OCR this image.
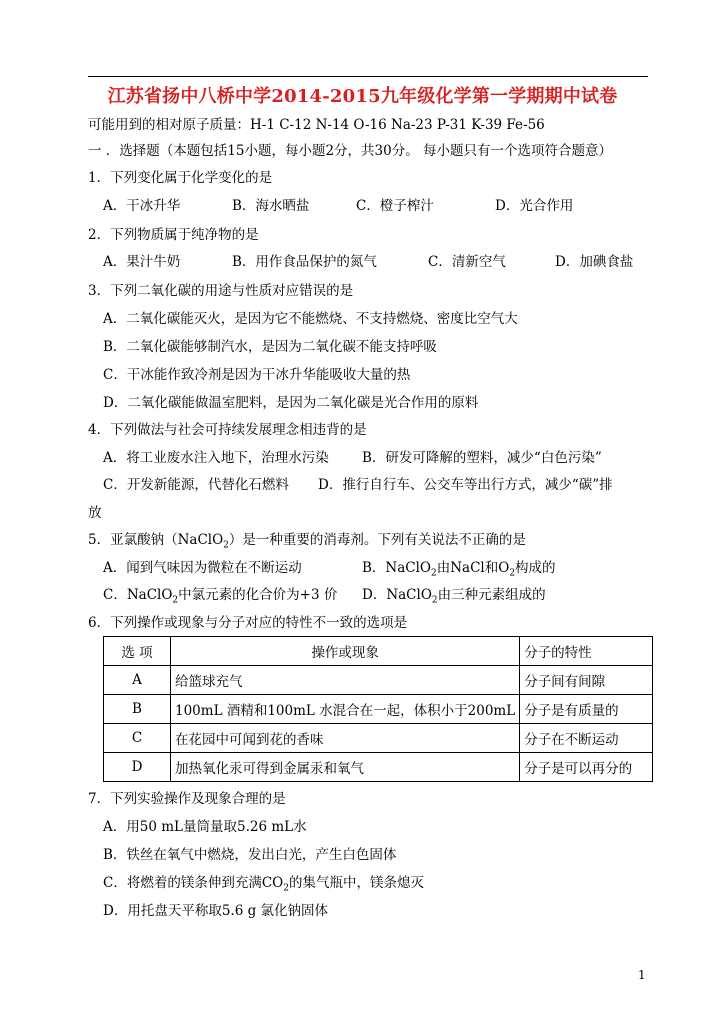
江苏省扬中八桥中学2014-2015九年级化学第一学期期中试卷
可能用到的相对原子质量：H-1 C-12 N-14 O-16 Na-23 P-31 K-39 Fe-56
一 ．选择题（本题包括15小题，每小题2分，共30分。 每小题只有一个选项符合题意）
1．下列变化属于化学变化的是
A．干冰升华	B．海水晒盐	C．橙子榨汁	D．光合作用
2．下列物质属于纯净物的是
A．果汁牛奶	B．用作食品保护的氮气	C．清新空气	D．加碘食盐
3．下列二氧化碳的用途与性质对应错误的是
A．二氧化碳能灭火，是因为它不能燃烧、不支持燃烧、密度比空气大
B．二氧化碳能够制汽水，是因为二氧化碳不能支持呼吸
C．干冰能作致冷剂是因为干冰升华能吸收大量的热
D．二氧化碳能做温室肥料，是因为二氧化碳是光合作用的原料
4．下列做法与社会可持续发展理念相违背的是
A．将工业废水注入地下，治理水污染 B．研发可降解的塑料，减少“白色污染”
C．开发新能源，代替化石燃料 D．推行自行车、公交车等出行方式，减少“碳”排
放
5．亚氯酸钠（NaClO$_2$）是一种重要的消毒剂。下列有关说法不正确的是
A．闻到气味因为微粒在不断运动	B．NaClO$_2$由NaCl和$O_2$构成的
C．NaClO$_2$中氯元素的化合价为+3 价 D．NaClO$_2$由三种元素组成的
6．下列操作或现象与分子对应的特性不一致的选项是
选 项	操作或现象	分子的特性
A	给篮球充气	分子间有间隙
B	100mL 酒精和100mL 水混合在一起，体积小于200mL	分子是有质量的
C	在花园中可闻到花的香味	分子在不断运动
D	加热氧化汞可得到金属汞和氧气	分子是可以再分的
7．下列实验操作及现象合理的是
A．用50 mL量筒量取5.26 mL水
B．铁丝在氧气中燃烧，发出白光，产生白色固体
C．将燃着的镁条伸到充满$CO_2$的集气瓶中，镁条熄灭
D．用托盘天平称取5.6 g 氯化钠固体
1
